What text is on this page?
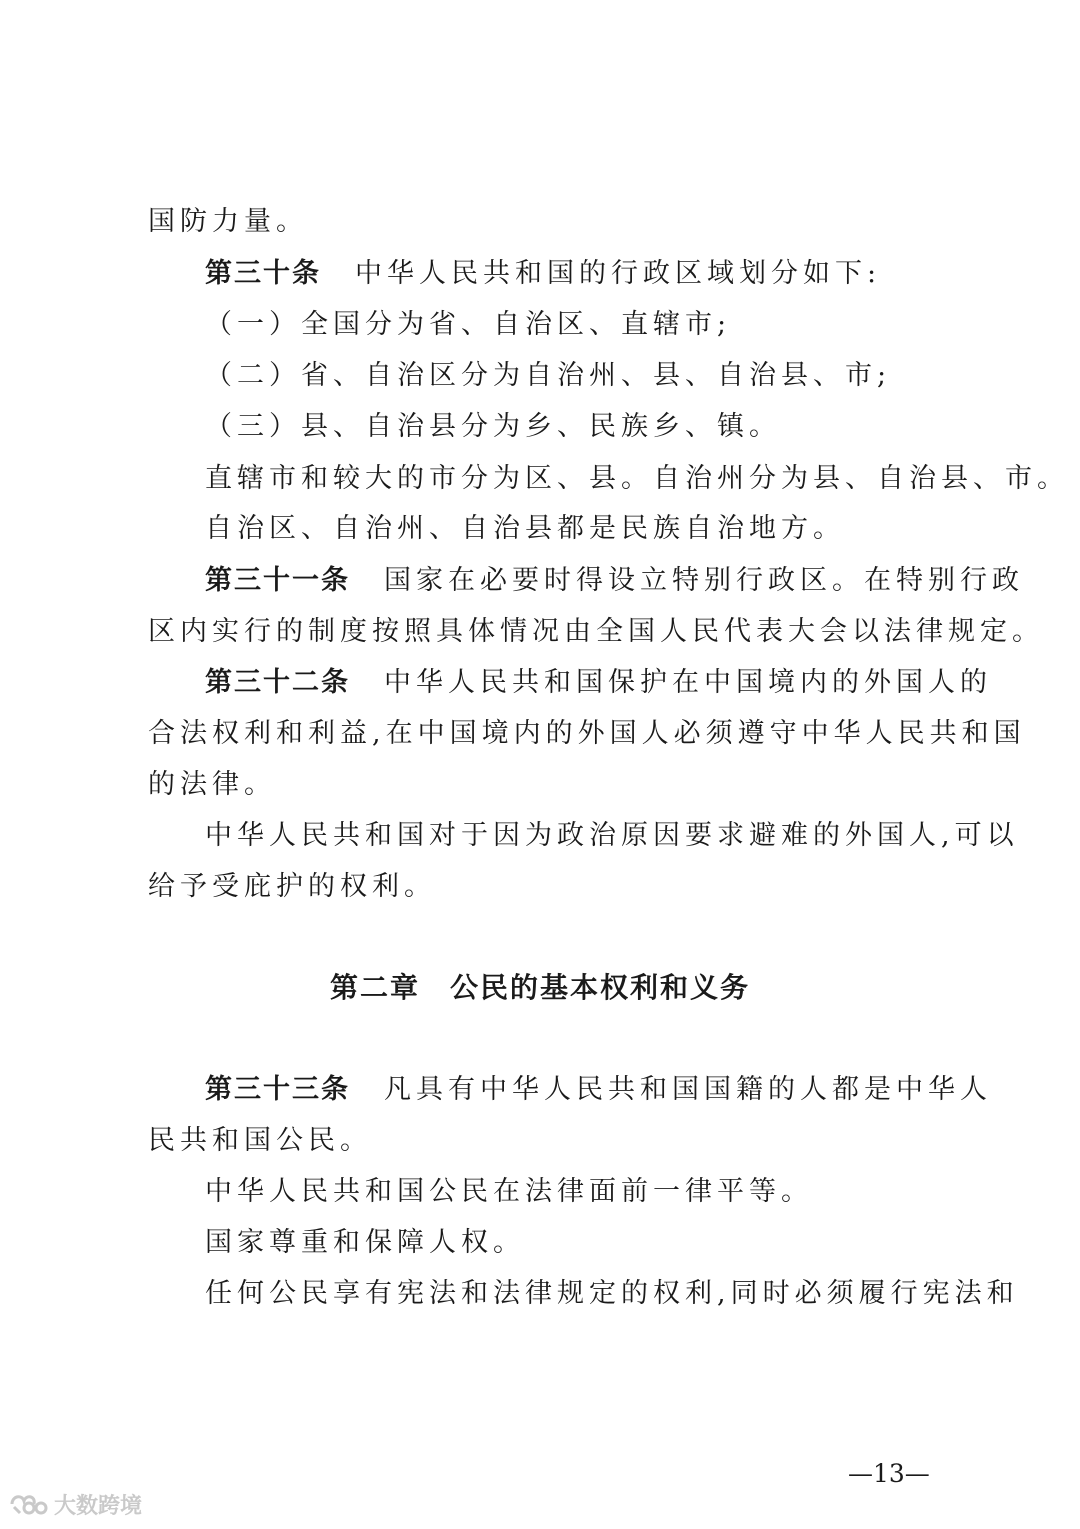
国防力量。
第三十条 中华人民共和国的行政区域划分如下:
（一）全国分为省、自治区、直辖市;
（二）省、自治区分为自治州、县、自治县、市;
（三）县、自治县分为乡、民族乡、镇。
直辖市和较大的市分为区、县。自治州分为县、自治县、市。
自治区、自治州、自治县都是民族自治地方。
第三十一条 国家在必要时得设立特别行政区。在特别行政
区内实行的制度按照具体情况由全国人民代表大会以法律规定。
第三十二条 中华人民共和国保护在中国境内的外国人的
合法权利和利益,在中国境内的外国人必须遵守中华人民共和国
的法律。
中华人民共和国对于因为政治原因要求避难的外国人,可以
给予受庇护的权利。
第二章 公民的基本权利和义务
第三十三条 凡具有中华人民共和国国籍的人都是中华人
民共和国公民。
中华人民共和国公民在法律面前一律平等。
国家尊重和保障人权。
任何公民享有宪法和法律规定的权利,同时必须履行宪法和
—13—
大数跨境
